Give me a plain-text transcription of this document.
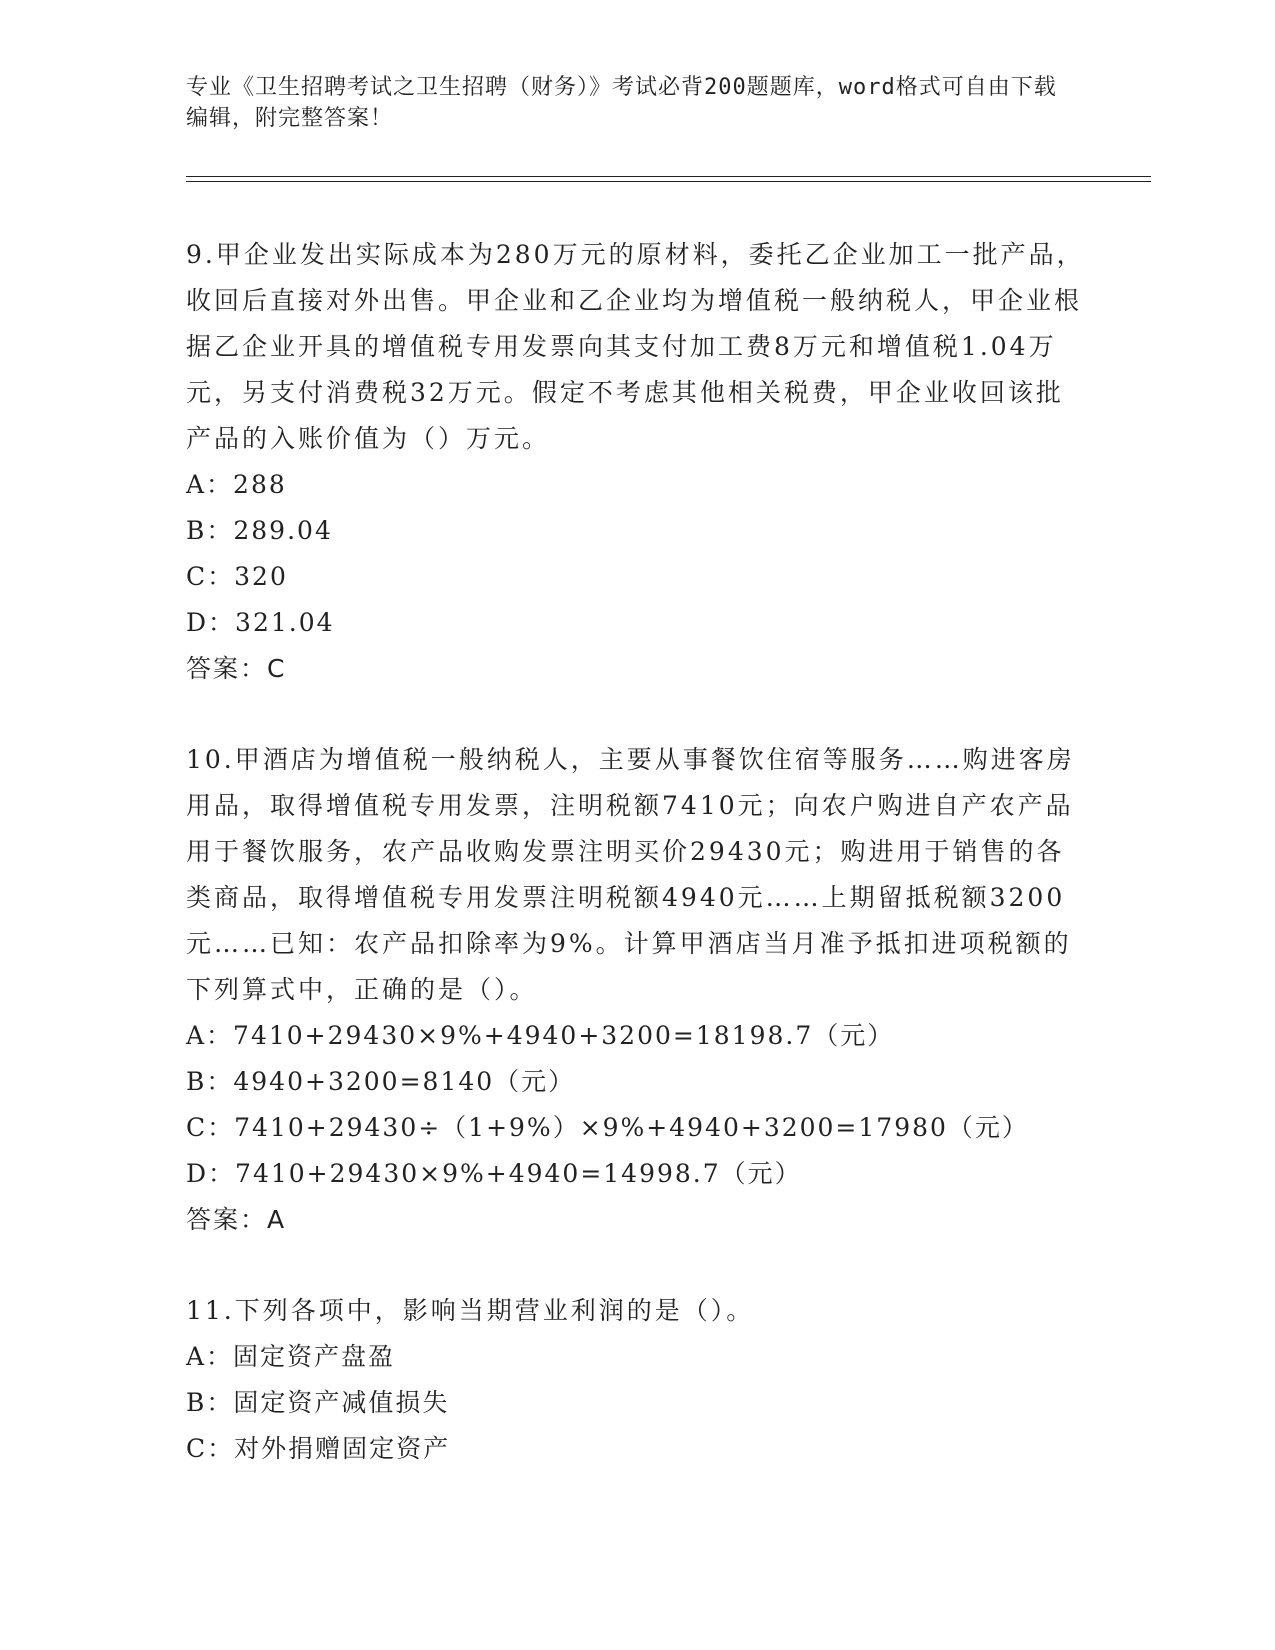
专业《卫生招聘考试之卫生招聘（财务）》考试必背200题题库，word格式可自由下载编辑，附完整答案！

9.甲企业发出实际成本为280万元的原材料，委托乙企业加工一批产品，收回后直接对外出售。甲企业和乙企业均为增值税一般纳税人，甲企业根据乙企业开具的增值税专用发票向其支付加工费8万元和增值税1.04万元，另支付消费税32万元。假定不考虑其他相关税费，甲企业收回该批产品的入账价值为（）万元。

A：288

B：289.04

C：320

D：321.04

答案：C

10.甲酒店为增值税一般纳税人，主要从事餐饮住宿等服务……购进客房用品，取得增值税专用发票，注明税额7410元；向农户购进自产农产品用于餐饮服务，农产品收购发票注明买价29430元；购进用于销售的各类商品，取得增值税专用发票注明税额4940元……上期留抵税额3200元……已知：农产品扣除率为9%。计算甲酒店当月准予抵扣进项税额的下列算式中，正确的是（）。

A：7410+29430×9%+4940+3200=18198.7（元）

B：4940+3200=8140（元）

C：7410+29430÷（1+9%）×9%+4940+3200=17980（元）

D：7410+29430×9%+4940=14998.7（元）

答案：A

11.下列各项中，影响当期营业利润的是（）。

A：固定资产盘盈

B：固定资产减值损失

C：对外捐赠固定资产
